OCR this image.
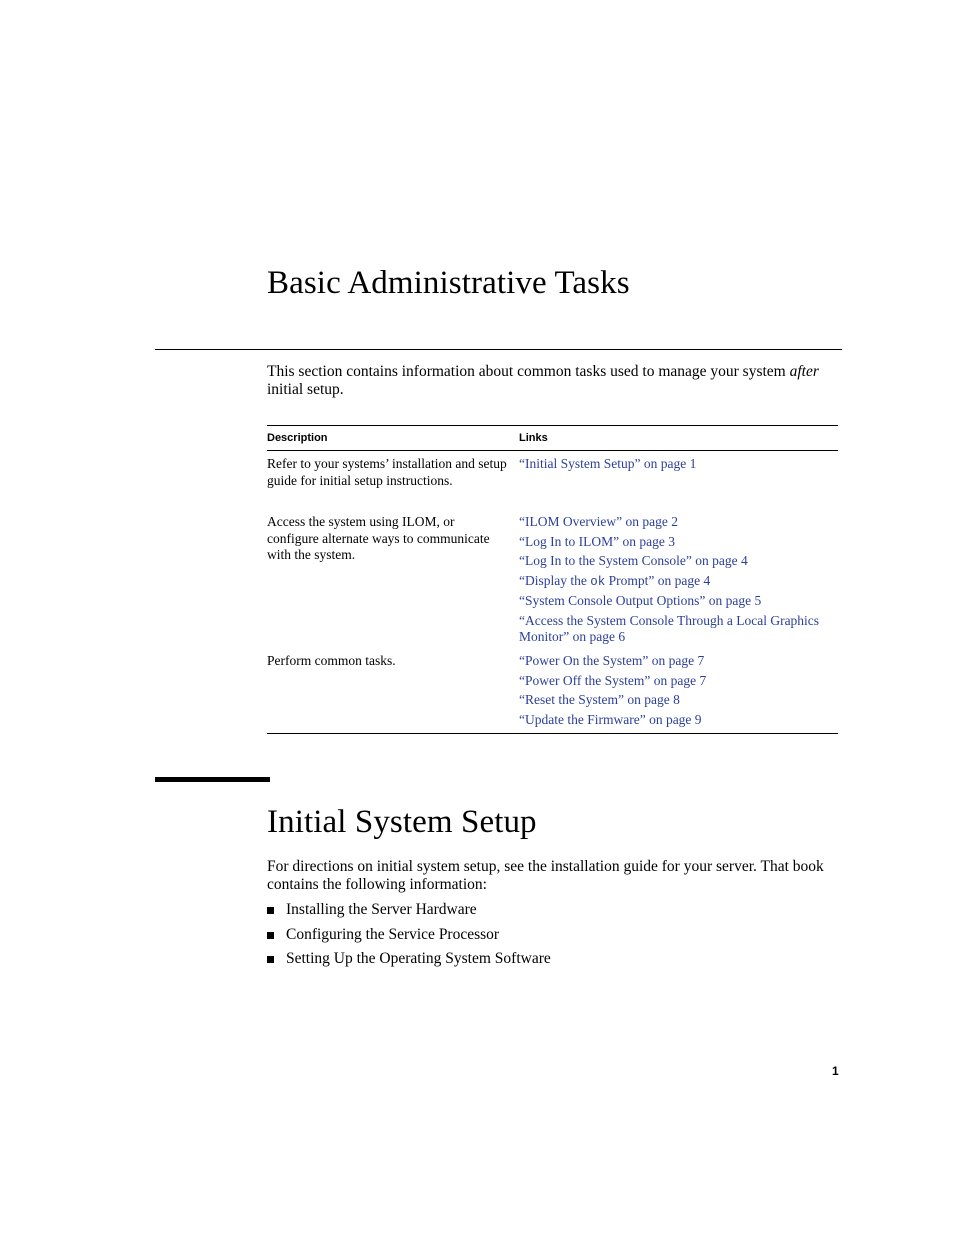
Basic Administrative Tasks

This section contains information about common tasks used to manage your system after initial setup.

Description	Links
Refer to your systems’ installation and setup guide for initial setup instructions.
“Initial System Setup” on page 1
Access the system using ILOM, or configure alternate ways to communicate with the system.
“ILOM Overview” on page 2
“Log In to ILOM” on page 3
“Log In to the System Console” on page 4
“Display the ok Prompt” on page 4
“System Console Output Options” on page 5
“Access the System Console Through a Local Graphics Monitor” on page 6
Perform common tasks.	“Power On the System” on page 7
“Power Off the System” on page 7
“Reset the System” on page 8
“Update the Firmware” on page 9
Initial System Setup

For directions on initial system setup, see the installation guide for your server. That book contains the following information:

Installing the Server Hardware
Configuring the Service Processor
Setting Up the Operating System Software
1
